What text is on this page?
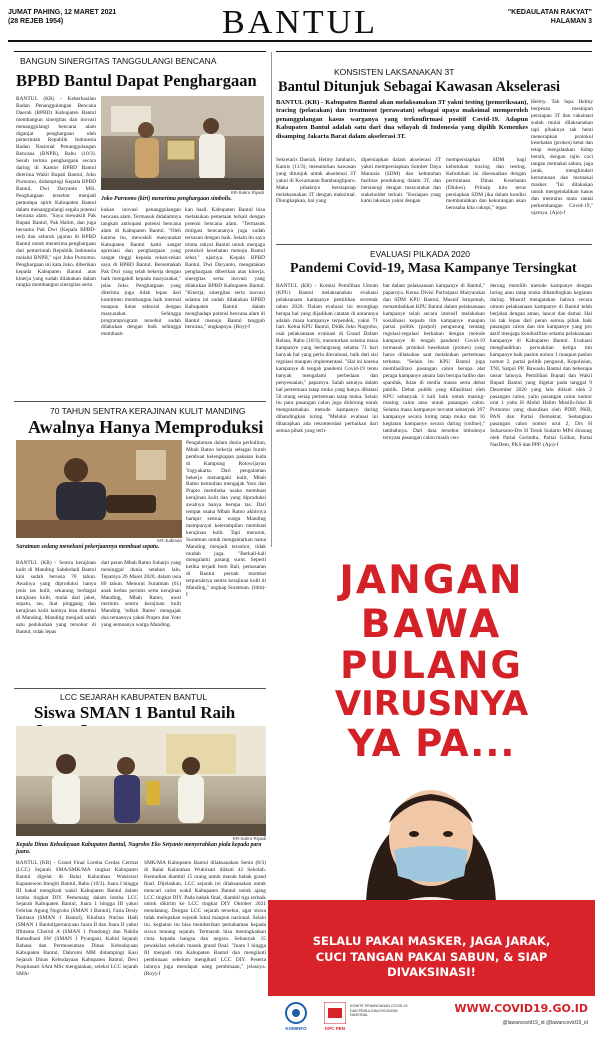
JUMAT PAHING, 12 MARET 2021
(28 REJEB 1954)	BANTUL	"KEDAULATAN RAKYAT"
HALAMAN 3
BANGUN SINERGITAS TANGGULANGI BENCANA
BPBD Bantul Dapat Penghargaan
BANTUL (KR) - Keberhasilan Badan Penanggulangan Bencana Daerah (BPBD) Kabupaten Bantul membangun sinergitas dan inovasi menanggulangi bencana alam diganjar penghargaan oleh pemerintah Republik Indonesia Badan Nasional Penanggulangan Bencana (BNPB), Rabu (10/3). Sesuh terima penghargaan secara daring di Kantor BPBD Bantul diterima Wakil Bupati Bantul, Joko Purnomo, didampingi Kepala BPBD Bantul, Dwi Daryanto MSi. Penghargaan tersebut menjadi pemompa spirit Kabupaten Bantul dalam menanggulangi segala potensi bencana alam. "Saya mewakili Pak Bupati Bantul, Pak Halim, dan juga bersama Pak Dwi (Kepala BPBD-red) dan seluruh jajaran di BPBD Bantul untuk menerima penghargaan dari pemerintah Republik Indonesia melalui BNPB," ujar Joko Purnomo. Penghargaan ini kata Joko, diberikan kepada Kabupaten Bantul atas kinerja yang sudah dilakukan dalam rangka membangun sinergitas serta
KR-Sukro Riyadi
Joko Purnomo (kiri) menerima penghargaan simbolis.
kukan inovasi penanggulangan bencana alam. Termasuk didalamnya langkah antisipasi potensi bencana alam di Kabupaten Bantul. "Oleh karena itu, mewakili masyarakat Kabupaten Bantul kami sangat apresiasi dan penghargaan yang sangat tinggi kepada rekan-rekan saya di BPBD Bantul. Bersemakah Pak Dwi yang telah bekerja dengan baik mengabdi kepada masyarakat," jelas Joko. Penghargaan yang diterima juga tidak lepas dari komitmen membangun baik internal maupun lintas sektoral dengan masyarakat. Sehingga programprogram tersebut sudah dilakukan dengan baik sehingga membuah-
kan hasil. Kabupaten Bantul bisa melakukan pemetaan terkait dengan potensi bencana alam. "Termasuk mitigasi bencananya juga sudah tersusun dengan baik. Selain itu saya minta rakyat Bantul untuk menjaga protokol kesehatan menuju Bantul sehat," ujarnya. Kepala BPBD Bantul, Dwi Daryanto, mengatakan penghargaan diberikan atas kinerja, sinergitas serta inovasi yang dilakukan BPBD Kabupaten Bantul. "Kinerja, sinergitas serta inovasi selama ini sudah dilakukan BPBD Kabupaten Bantul dalam menghadapi potensi bencana alam di Bantul menuju Bantul tangguh bencana," ungkapnya. (Roy)-f
70 TAHUN SENTRA KERAJINAN KULIT MANDING
Awalnya Hanya Memproduksi
KR-Judiman
Suratman sedang menekuni pekerjaannya membuat sepatu.
BANTUL (KR) - Sentra kerajinan kulit di Manding Sabdodadi Bantul kini sudah berusia 70 tahun. Awalnya yang diproduksi hanya jenis tas kulit, sekarang berbagai kerajinan kulit, mulai dari jaket, sepatu, tas, ikat pinggang dan kerajinan kulit lainnya bisa ditemui di Manding. Manding menjadi salah satu pedukuhan yang tersohor di Bantul, tidak lepas
dari peran Mbah Ratno Suharjo yang meninggal dunia setahun lalu, Tepatnya 26 Maret 2020, dalam usia 80 tahun. Menurut Suratman (61) anak kedua perintis serta kerajinan Manding, Mbah Ratno, awal merintis sentra kerajinan kulit Manding 'mBah Ratno' mengajak dua temannya yakni Prapto dan Yoto yang semuanya warga Manding.
Pengalaman dalam dunia perkulitan, Mbah Ratno bekerja sebagai buruh pembuat kelengkapan pakaian kuda di Kampung Rotowijayan Yogyakarta. Dari pengalaman bekerja menangani kulit, Mbah Ratno kemudian mengajak Yoto dan Prapto membuka usaha membuat kerajinan kulit dan yang diproduksi awalnya hanya berupa tas. Dari tempat usaha Mbah Ratno akhirnya hampir semua warga Manding mempunyai keterampilan membuat kerajinan kulit. Tapi menurut, Suratman untuk mengantarkan nama Manding menjadi tersohor, tidak mudah juga. "Berkali-kali mengalami pasang surut. Seperti ketika terjadi bom Bali, pemasaran di Bantul pernah mombat terpuruknya sentra kerajinan kulit di Manding," ungkap Suratman. (Jdm)-f
LCC SEJARAH KABUPATEN BANTUL
Siswa SMAN 1 Bantul Raih
KR-Sukro Riyadi
Kepala Dinas Kebudayaan Kabupaten Bantul, Nugroho Eko Setyanto menyerahkan piala kepada para juara.
BANTUL (KR) - Grand Final Lomba Cerdas Cermat (LCC) Sejarah SMA/SMK/MA tingkat Kabupaten Bantul digelar di Balai Kalurahan Wukirsari Kapanewon Imogiri Bantul, Rabu (10/3). Juara I hingga III bakal mengikuti wakil Kabupaten Bantul dalam lomba tingkat DIY. Pemenang dalam lomba LCC Sejarah Kabupaten Bantul, Juara 1 hingga III yakni Febrian Agung Nugroho (SMAN 1 Bantul), Fatia Desty Tantiasa (SMAN 1 Bantul), Khalista Nurina Hadi (SMAN 1 Bantul)pertanyaan Juara II dan Juara II yakni Ifthtanta Cheirul A (SMAN 1 Pundong) dan Nabila Ramadhani SW (SMAN 1 Pyungan). Kabid Sejarah Bahasa dan Permuseuman Dinas Kebudayaan Kabupaten Bantul, Dahromi MM didampingi Kasi Sejarah Dinas Kebudayaan Kabupaten Bantul, Devi Puspitasari SAnt MSc mengatakan, seleksi LCC sejarah SMA/
SMK/MA Kabupaten Bantul dilaksanakan Senin (8/3) di Balai Kalurahan Wukirsari diikuti 42 Sekolah. Kemudian diambil 15 orang untuk masuk babak grand final. Dijelaskan, LCC sejarah ini dilaksanakan untuk mencari calon wakil Kabupaten Bantul untuk ajang LCC tingkat DIY. Pada babak final, diambil tiga terbaik untuk dikirim ke LCC tingkat DIY Oktober 2021 mendatang. Dengan LCC sejarah tersebut, agar siswa tidak melupakan sejarah lokal maupun nasional. Selain itu, kegiatan itu bisa memberikan pemahaman kepada siswa tentang sejarah. Termasuk bisa meningkatkan cinta kepada bangsa dan negara. Sebanyak 15 pewakilan sekolah masuk grand final. "Juara I hingga III menjadi tim Kabupaten Bantul dan mengikuti pembinaan sebelum mengikuti LCC DIY. Peserta lainnya juga mendapat uang pembinaan," jelasnya. (Roy)-f
KONSISTEN LAKSANAKAN 3T
Bantul Ditunjuk Sebagai Kawasan Akselerasi
BANTUL (KR) - Kabupaten Bantul akan melaksanakan 3T yakni testing (pemeriksaan), tracing (pelacakan) dan treatment (perawatan) sebagai upaya maksimal memperoleh penanggulangan kasus warganya yang terkonfirmasi positif Covid-19. Adapun Kabupaten Bantul adalah satu dari dua wilayah di Indonesia yang dipilih Kemenkes disamping Jakarta Barat dalam akselerasi 3T.
Sekretaris Daerah, Helmy Jamharis, Kamis (11/3), menuturkan kawasan yang ditunjuk untuk akselerasi 3T yakni di Kecamatan Bambanglipuro. Maka pihaknya bersiapsiap melaksanakan 3T dengan maksimal. Diungkapkan, hal yang
dipersiapkan dalam akselerasi 3T yakni mempersiapkan Sumber Daya Manusia (SDM) dan kebutuhan fasilitas pendukung dalam 3T, dan bersinergi dengan masyarakat dan stakeholder terkait. "Kesiapan yang kami lakukan yakni dengan
mempersiapkan SDM bagi kebutuhan tracing dan testing. Kebutuhan ini disesuaikan dengan permintaan Dinas Kesehatan (Dinkes). Prinsip kita terus persiapkan SDM jika dalam kondisi membutuhkan dan kekurangan akan berusaha kita cukupi," tegas
Helmy. Tak lupa Helmy berpesan meskipun persiapan 3T dan vaksinasi sudah mulai dilaksanakan tapi pihaknya tak henti menerapkan protokol kesehatan (prokes) ketat dan tetap menjalankan hidup bersih, dengan rajin cuci tangan memakai sabun, jaga jarak, menghindari kerumunan dan memakai masker. "Ini dilakukan untuk mengendalikan kasus dan memutus mata rantai perkembangan Covid-19," ujarnya. (Ajo)-f
EVALUASI PILKADA 2020
Pandemi Covid-19, Masa Kampanye Tersingkat
BANTUL (KR) - Komisi Pemilihan Umum (KPU) Bantul melaksanakan evaluasi pelaksanaan kampanye pemilihan serentak tahun 2020. Dalam evaluasi ini terungkap berapa hal yang dijadikan catatan di antaranya adalah masa kampanye terpendek, yakni 71 hari. Ketua KPU Bantul, Didik Joko Nugroho, usai pelaksanaan evaluasi di Grand Dafam Rohan, Rabu (10/3), menuturkan selama masa kampanye yang berlangsung selama 71 hari banyak hal yang perlu dievaluasi, baik dari sisi regulasi maupun implementasi. "Hal ini karena kampanye di tengah pandemi Covid-19 tentu banyak mengalami perbedaan dan penyesuaian," paparnya. Salah satunya dalam hal pertemuan tatap muka yang hanya dibatasi 50 orang setiap pertemuan tatap muka. Selain itu para pasangan calon juga didorong untuk mengutamakan metode kampanye daring dibandingkan luring. "Melalui evaluasi ini diharapkan ada rekomendasi perbaikan dari semua pihak yang terli-
bat dalam pelaksanaan kampanye di Bantul," paparnya. Ketua Divisi Partisipasi Masyarakat dan SDM KPU Bantul, Musnif Istiqomah, menambahkan KPU Bantul dalam pelaksanaan kampanye telah secara intensif melakukan sosialisasi kepada tim kampanye maupun partai politik (parpol) pengusung tentang regulasi-regulasi berkaitan dengan metode kampanye di tengah pandemi Covid-19 termasuk protokol kesehatan (prokes) yang harus dilakukan saat melakukan pertemuan terbatas. "Selain itu KPU Bantul juga memfasilitasi pasangan calon berupa alat peraga kampanye antara lain berupa baliho dan spanduk, iklan di media massa serta debat publik. Debat publik yang difasilitasi oleh KPU sebanyak 3 kali baik untuk masing-masing calon atau untuk pasangan calon. Selama masa kampanye tercatat sebanyak 397 kampanye secara luring tatap muka dan 16 kegiatan kampanye secara daring (online)," tambahnya. Dari data tersebut imbuhnya ternyata pasangan calon masih cen-
derung memilih metode kampanye dengan luring atau tatap muka dibandingkan kegiatan daring. Musnif mengatakan bahwa secara umum pelaksanaan kampanye di Bantul telah berjalan dengan aman, lancar dan damai. Hal ini tak lepas dari peran semua pihak baik pasangan calon dan tim kampanye yang pro aktif menjaga kondusifitas selama pelaksanaan kampanye di Kabupaten Bantul. Evaluasi menghadirkan perwakilan ketiga tim kampanye baik paslon nomor 1 maupun paslon nomor 2, partai politik pengusul, Kepolisian, TNI, Satpol PP, Bawaslu Bantul dan beberapa unsur lainnya. Pemilihan Bupati dan Wakil Bupati Bantul yang digelar pada tanggal 9 Desember 2020 yang lalu diikuti oleh 2 pasangan calon, yaitu pasangan calon nomor urut 1 yaitu H Abdul Halim Muslih-Joko B Purnomo yang diusulkan oleh PDIP, PKB, PAN dan Partai Demokrat. Sedangkan pasangan calon nomor urut 2, Drs H Suharsono-Drs H Totok Sudarto MPd diusung oleh Partai Gerindra, Partai Golkar, Partai NasDem, PKS dan PPP. (Ajo)-f
JANGAN
BAWA
PULANG
VIRUSNYA
YA PA...
SELALU PAKAI MASKER, JAGA JARAK,
CUCI TANGAN PAKAI SABUN, & SIAP DIVAKSINASI!
KOMINFO	KPC PEN
KOMITE PENANGANAN COVID-19 DAN PEMULIHAN EKONOMI NASIONAL	WWW.COVID19.GO.ID
@lawancovid19_id @lawancovid19_id
